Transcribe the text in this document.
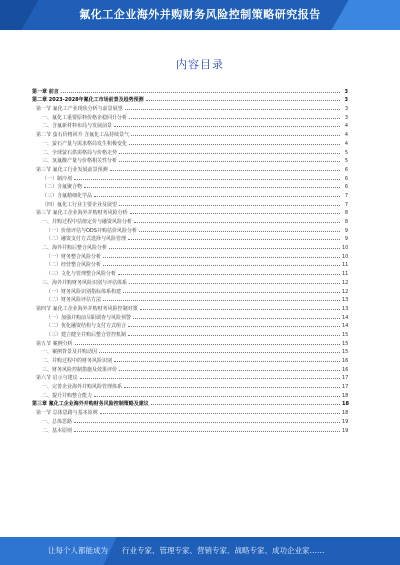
氟化工企业海外并购财务风险控制策略研究报告
内容目录
第一章 前言	3
第二章 2023-2028年氟化工市场前景及趋势预测	3
第一节 氟化工产业现状分析与前景展望	3
一、氟化工重要原料价格企稳回升分析	3
二、含氟新材料布局与发展前景	4
第二节 萤石价格回升 含氟化工品持续景气	4
一、萤石产量与需求格局发生积极变化	4
二、全球萤石供需格局与价格走势	5
三、氢氟酸产量与价格相关性分析	5
第三节 氟化工行业发展前景预测	6
（一）制冷剂	6
（二）含氟聚合物	6
（三）含氟精细化学品	7
（四）氟化工行业主要企业及展望	7
第三节 氟化工企业海外并购财务风险分析	8
一、并购过程中估值定价与融资风险分析	8
（一）价值评估与ODS并购估价风险分析	9
（二）融资支付方式选择与风险管理	9
二、海外并购后整合风险分析	10
（一）财务整合风险分析	10
（二）经营整合风险分析	11
（三）文化与管理整合风险分析	11
三、海外并购财务风险识别与评估体系	12
（一）财务风险识别指标体系构建	12
（二）财务风险评估方法	13
第四节 氟化工企业海外并购财务风险控制对策	13
（一）加强并购前尽职调查与风险预警	14
（二）优化融资结构与支付方式组合	14
（三）建立健全并购后整合管控机制	15
第五节 案例分析	15
一、案例背景及并购动因	15
二、并购过程中的财务风险识别	16
三、财务风险控制措施及效果评价	16
第六节 启示与建议	17
一、完善企业海外并购风险管理体系	17
二、提升并购整合能力	18
第三章 氟化工企业海外并购财务风险控制策略及建议	18
第一节 总体思路与基本原则	18
一、总体思路	19
二、基本原则	19
让每个人都能成为 行业专家、管理专家、营销专家、战略专家、成功企业家……
